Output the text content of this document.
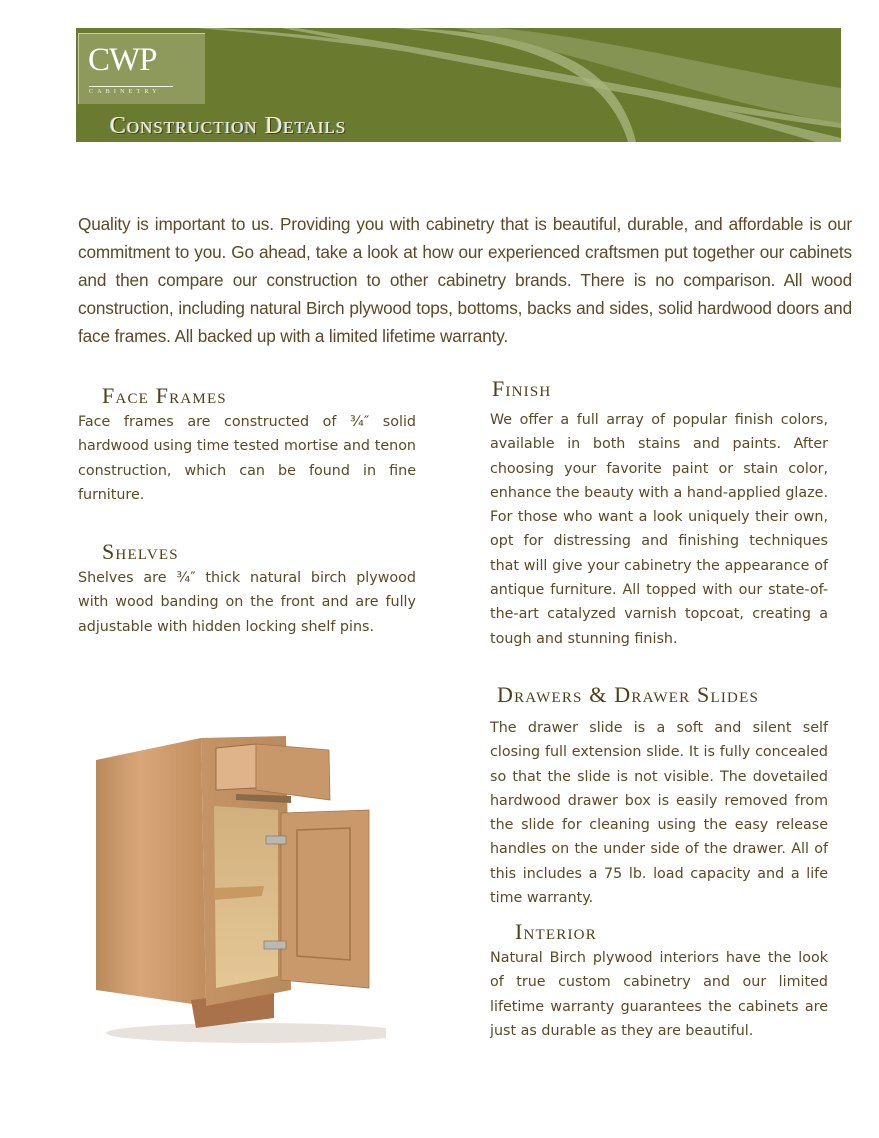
CWP
CABINETRY
Construction Details

Quality is important to us. Providing you with cabinetry that is beautiful, durable, and affordable is our commitment to you. Go ahead, take a look at how our experienced craftsmen put together our cabinets and then compare our construction to other cabinetry brands. There is no comparison. All wood construction, including natural Birch plywood tops, bottoms, backs and sides, solid hardwood doors and face frames. All backed up with a limited lifetime warranty.

Face Frames

Face frames are constructed of ¾″ solid hardwood using time tested mortise and tenon construction, which can be found in fine furniture.

Shelves

Shelves are ¾″ thick natural birch plywood with wood banding on the front and are fully adjustable with hidden locking shelf pins.

Finish

We offer a full array of popular finish colors, available in both stains and paints. After choosing your favorite paint or stain color, enhance the beauty with a hand-applied glaze. For those who want a look uniquely their own, opt for distressing and finishing techniques that will give your cabinetry the appearance of antique furniture. All topped with our state-of-the-art catalyzed varnish topcoat, creating a tough and stunning finish.

Drawers & Drawer Slides

The drawer slide is a soft and silent self closing full extension slide. It is fully concealed so that the slide is not visible. The dovetailed hardwood drawer box is easily removed from the slide for cleaning using the easy release handles on the under side of the drawer. All of this includes a 75 lb. load capacity and a life time warranty.

Interior

Natural Birch plywood interiors have the look of true custom cabinetry and our limited lifetime warranty guarantees the cabinets are just as durable as they are beautiful.
